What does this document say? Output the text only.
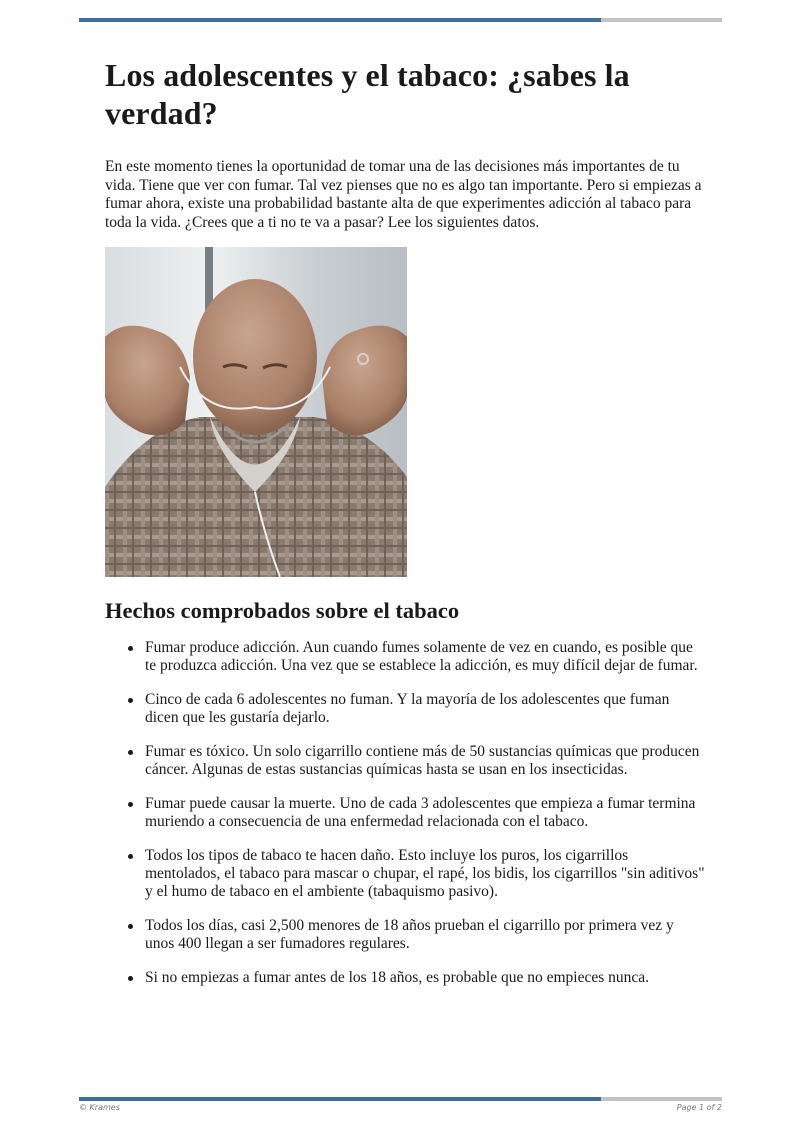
Los adolescentes y el tabaco: ¿sabes la verdad?

En este momento tienes la oportunidad de tomar una de las decisiones más importantes de tu vida. Tiene que ver con fumar. Tal vez pienses que no es algo tan importante. Pero si empiezas a fumar ahora, existe una probabilidad bastante alta de que experimentes adicción al tabaco para toda la vida. ¿Crees que a ti no te va a pasar? Lee los siguientes datos.

Hechos comprobados sobre el tabaco
Fumar produce adicción. Aun cuando fumes solamente de vez en cuando, es posible que te produzca adicción. Una vez que se establece la adicción, es muy difícil dejar de fumar.
Cinco de cada 6 adolescentes no fuman. Y la mayoría de los adolescentes que fuman dicen que les gustaría dejarlo.
Fumar es tóxico. Un solo cigarrillo contiene más de 50 sustancias químicas que producen cáncer. Algunas de estas sustancias químicas hasta se usan en los insecticidas.
Fumar puede causar la muerte. Uno de cada 3 adolescentes que empieza a fumar termina muriendo a consecuencia de una enfermedad relacionada con el tabaco.
Todos los tipos de tabaco te hacen daño. Esto incluye los puros, los cigarrillos mentolados, el tabaco para mascar o chupar, el rapé, los bidis, los cigarrillos "sin aditivos" y el humo de tabaco en el ambiente (tabaquismo pasivo).
Todos los días, casi 2,500 menores de 18 años prueban el cigarrillo por primera vez y unos 400 llegan a ser fumadores regulares.
Si no empiezas a fumar antes de los 18 años, es probable que no empieces nunca.
© Krames	Page 1 of 2
